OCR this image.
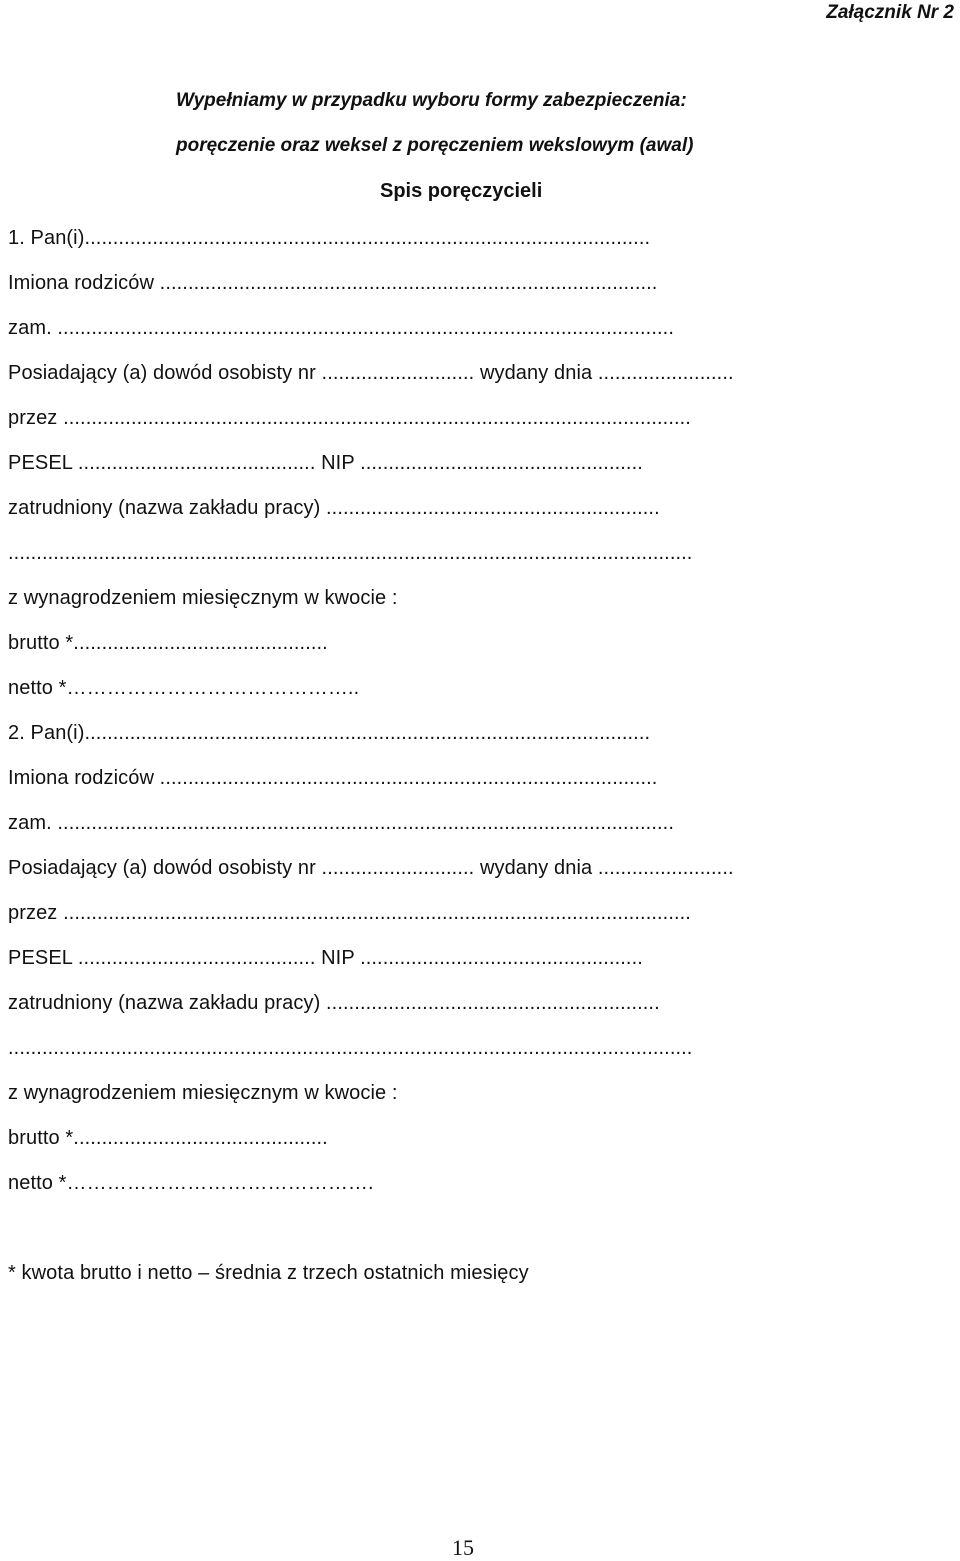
Załącznik Nr 2
Wypełniamy w przypadku wyboru formy zabezpieczenia:
poręczenie oraz weksel z poręczeniem wekslowym (awal)
Spis poręczycieli
1. Pan(i)....................................................................................................
Imiona rodziców ........................................................................................
zam. .............................................................................................................
Posiadający (a) dowód osobisty nr ........................... wydany dnia ........................
przez ...............................................................................................................
PESEL .......................................... NIP ..................................................
zatrudniony (nazwa zakładu pracy) ...........................................................
.........................................................................................................................
z wynagrodzeniem miesięcznym w kwocie :
brutto *.............................................
netto *……………………………………..
2. Pan(i)....................................................................................................
Imiona rodziców ........................................................................................
zam. .............................................................................................................
Posiadający (a) dowód osobisty nr ........................... wydany dnia ........................
przez ...............................................................................................................
PESEL .......................................... NIP ..................................................
zatrudniony (nazwa zakładu pracy) ...........................................................
.........................................................................................................................
z wynagrodzeniem miesięcznym w kwocie :
brutto *.............................................
netto *……………………………………….
* kwota brutto i netto – średnia z trzech ostatnich miesięcy
15
